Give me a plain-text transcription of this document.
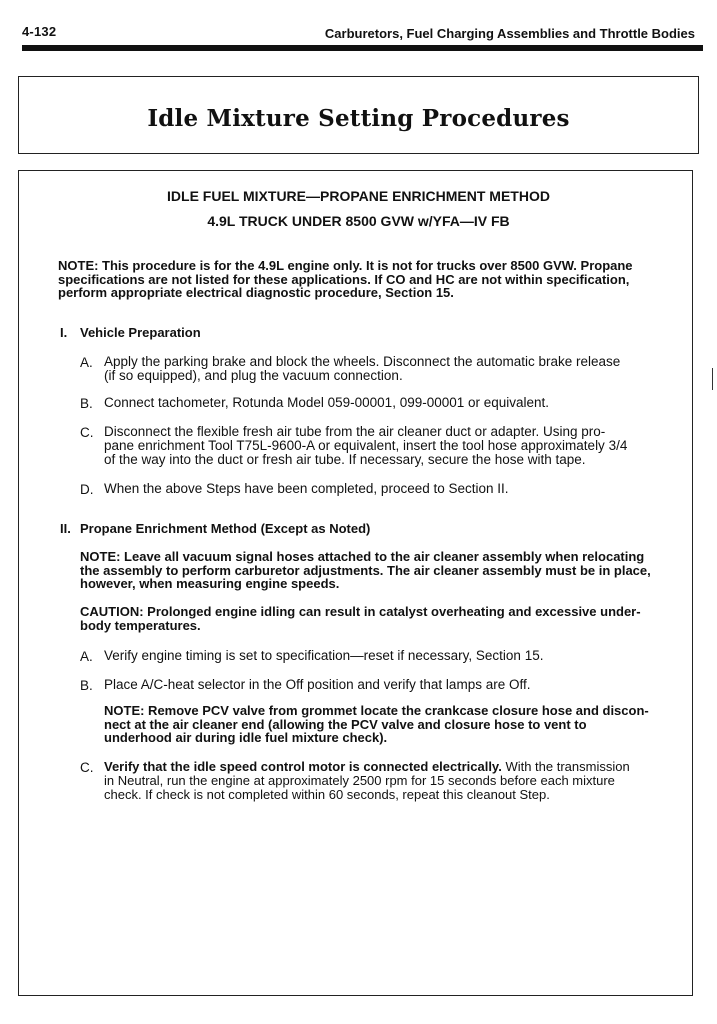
4-132	Carburetors, Fuel Charging Assemblies and Throttle Bodies
Idle Mixture Setting Procedures
IDLE FUEL MIXTURE—PROPANE ENRICHMENT METHOD
4.9L TRUCK UNDER 8500 GVW w/YFA—IV FB
NOTE: This procedure is for the 4.9L engine only. It is not for trucks over 8500 GVW. Propane
specifications are not listed for these applications. If CO and HC are not within specification,
perform appropriate electrical diagnostic procedure, Section 15.
I. Vehicle Preparation
A. Apply the parking brake and block the wheels. Disconnect the automatic brake release
(if so equipped), and plug the vacuum connection.
B. Connect tachometer, Rotunda Model 059-00001, 099-00001 or equivalent.
C. Disconnect the flexible fresh air tube from the air cleaner duct or adapter. Using pro-
pane enrichment Tool T75L-9600-A or equivalent, insert the tool hose approximately 3/4
of the way into the duct or fresh air tube. If necessary, secure the hose with tape.
D. When the above Steps have been completed, proceed to Section II.
II. Propane Enrichment Method (Except as Noted)
NOTE: Leave all vacuum signal hoses attached to the air cleaner assembly when relocating
the assembly to perform carburetor adjustments. The air cleaner assembly must be in place,
however, when measuring engine speeds.
CAUTION: Prolonged engine idling can result in catalyst overheating and excessive under-
body temperatures.
A. Verify engine timing is set to specification—reset if necessary, Section 15.
B. Place A/C-heat selector in the Off position and verify that lamps are Off.
NOTE: Remove PCV valve from grommet locate the crankcase closure hose and discon-
nect at the air cleaner end (allowing the PCV valve and closure hose to vent to
underhood air during idle fuel mixture check).
C. Verify that the idle speed control motor is connected electrically. With the transmission
in Neutral, run the engine at approximately 2500 rpm for 15 seconds before each mixture
check. If check is not completed within 60 seconds, repeat this cleanout Step.
